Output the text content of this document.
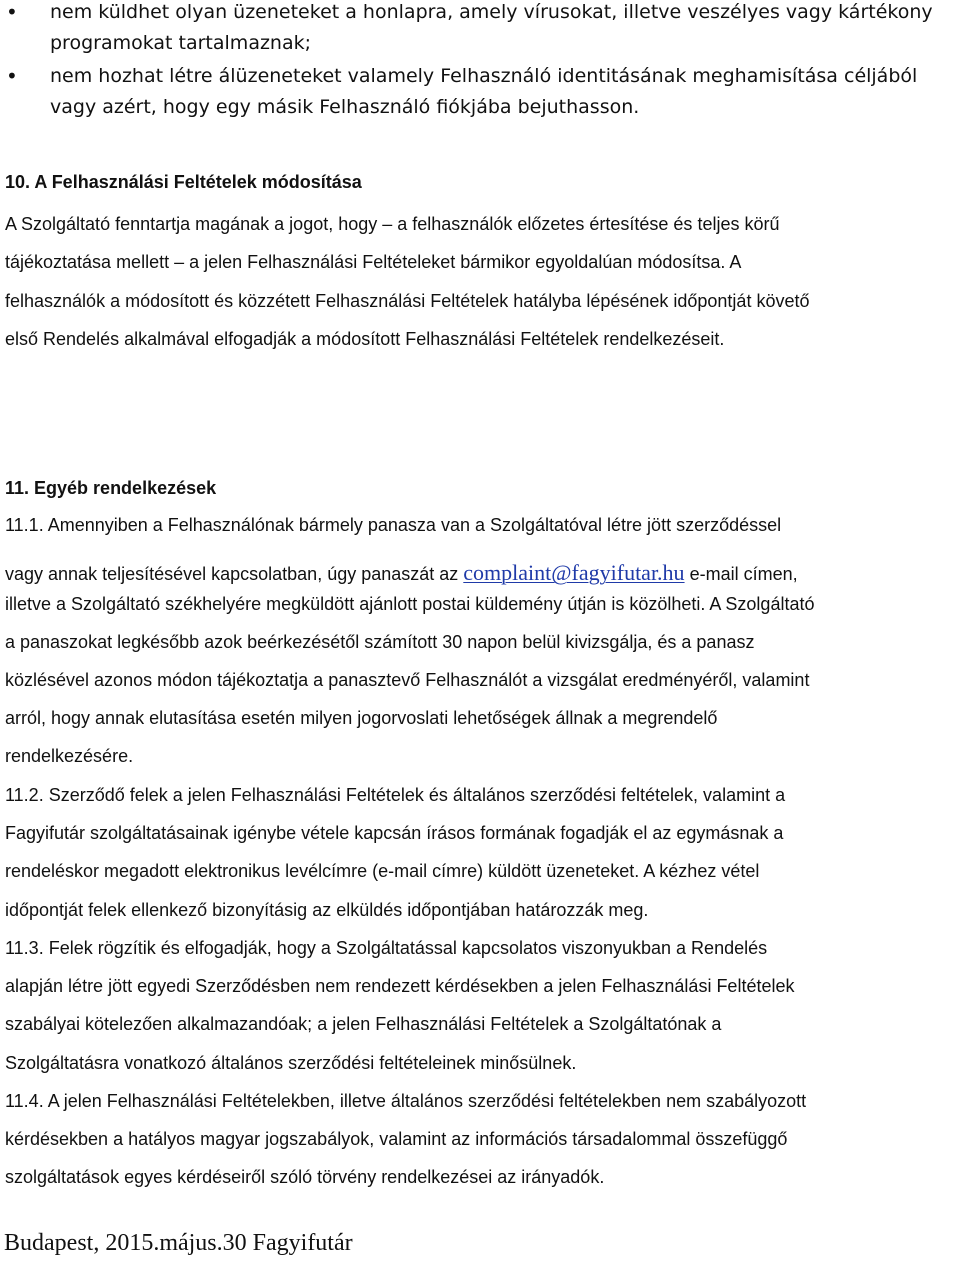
• nem küldhet olyan üzeneteket a honlapra, amely vírusokat, illetve veszélyes vagy kártékony
programokat tartalmaznak;
• nem hozhat létre álüzeneteket valamely Felhasználó identitásának meghamisítása céljából
vagy azért, hogy egy másik Felhasználó fiókjába bejuthasson.
10. A Felhasználási Feltételek módosítása
A Szolgáltató fenntartja magának a jogot, hogy – a felhasználók előzetes értesítése és teljes körű
tájékoztatása mellett – a jelen Felhasználási Feltételeket bármikor egyoldalúan módosítsa. A
felhasználók a módosított és közzétett Felhasználási Feltételek hatályba lépésének időpontját követő
első Rendelés alkalmával elfogadják a módosított Felhasználási Feltételek rendelkezéseit.
11. Egyéb rendelkezések
11.1. Amennyiben a Felhasználónak bármely panasza van a Szolgáltatóval létre jött szerződéssel
vagy annak teljesítésével kapcsolatban, úgy panaszát az complaint@fagyifutar.hu e-mail címen,
illetve a Szolgáltató székhelyére megküldött ajánlott postai küldemény útján is közölheti. A Szolgáltató
a panaszokat legkésőbb azok beérkezésétől számított 30 napon belül kivizsgálja, és a panasz
közlésével azonos módon tájékoztatja a panasztevő Felhasználót a vizsgálat eredményéről, valamint
arról, hogy annak elutasítása esetén milyen jogorvoslati lehetőségek állnak a megrendelő
rendelkezésére.
11.2. Szerződő felek a jelen Felhasználási Feltételek és általános szerződési feltételek, valamint a
Fagyifutár szolgáltatásainak igénybe vétele kapcsán írásos formának fogadják el az egymásnak a
rendeléskor megadott elektronikus levélcímre (e-mail címre) küldött üzeneteket. A kézhez vétel
időpontját felek ellenkező bizonyításig az elküldés időpontjában határozzák meg.
11.3. Felek rögzítik és elfogadják, hogy a Szolgáltatással kapcsolatos viszonyukban a Rendelés
alapján létre jött egyedi Szerződésben nem rendezett kérdésekben a jelen Felhasználási Feltételek
szabályai kötelezően alkalmazandóak; a jelen Felhasználási Feltételek a Szolgáltatónak a
Szolgáltatásra vonatkozó általános szerződési feltételeinek minősülnek.
11.4. A jelen Felhasználási Feltételekben, illetve általános szerződési feltételekben nem szabályozott
kérdésekben a hatályos magyar jogszabályok, valamint az információs társadalommal összefüggő
szolgáltatások egyes kérdéseiről szóló törvény rendelkezései az irányadók.
Budapest, 2015.május.30 Fagyifutár
